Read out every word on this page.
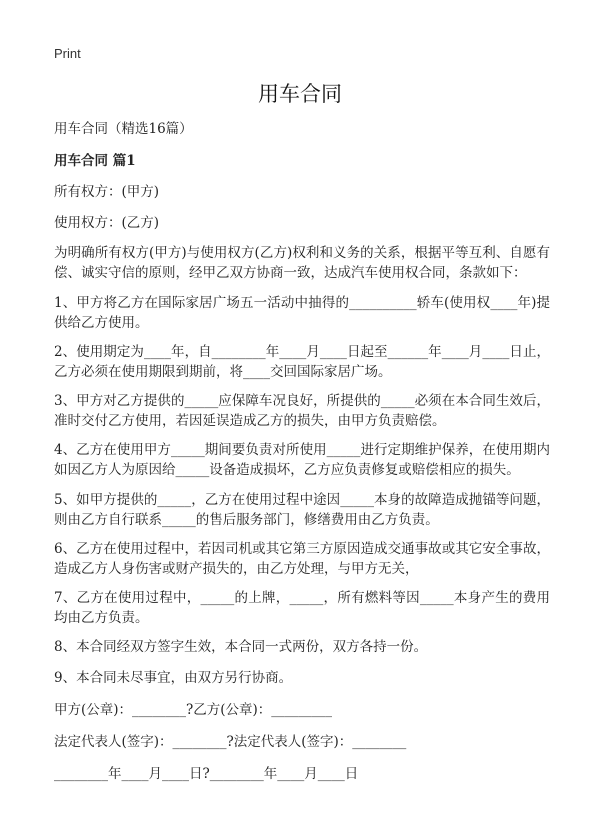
Print
用车合同
用车合同（精选16篇）
用车合同 篇1
所有权方：(甲方)
使用权方：(乙方)
为明确所有权方(甲方)与使用权方(乙方)权利和义务的关系，根据平等互利、自愿有偿、诚实守信的原则，经甲乙双方协商一致，达成汽车使用权合同，条款如下：
1、甲方将乙方在国际家居广场五一活动中抽得的__________轿车(使用权____年)提供给乙方使用。
2、使用期定为____年，自________年____月____日起至______年____月____日止，乙方必须在使用期限到期前，将____交回国际家居广场。
3、甲方对乙方提供的_____应保障车况良好，所提供的_____必须在本合同生效后，准时交付乙方使用，若因延误造成乙方的损失，由甲方负责赔偿。
4、乙方在使用甲方_____期间要负责对所使用_____进行定期维护保养，在使用期内如因乙方人为原因给_____设备造成损坏，乙方应负责修复或赔偿相应的损失。
5、如甲方提供的_____，乙方在使用过程中途因_____本身的故障造成抛锚等问题，则由乙方自行联系_____的售后服务部门，修缮费用由乙方负责。
6、乙方在使用过程中，若因司机或其它第三方原因造成交通事故或其它安全事故，造成乙方人身伤害或财产损失的，由乙方处理，与甲方无关，
7、乙方在使用过程中，_____的上牌，_____，所有燃料等因_____本身产生的费用均由乙方负责。
8、本合同经双方签字生效，本合同一式两份，双方各持一份。
9、本合同未尽事宜，由双方另行协商。
甲方(公章)：________?乙方(公章)：_________
法定代表人(签字)：________?法定代表人(签字)：________
________年____月____日?________年____月____日
